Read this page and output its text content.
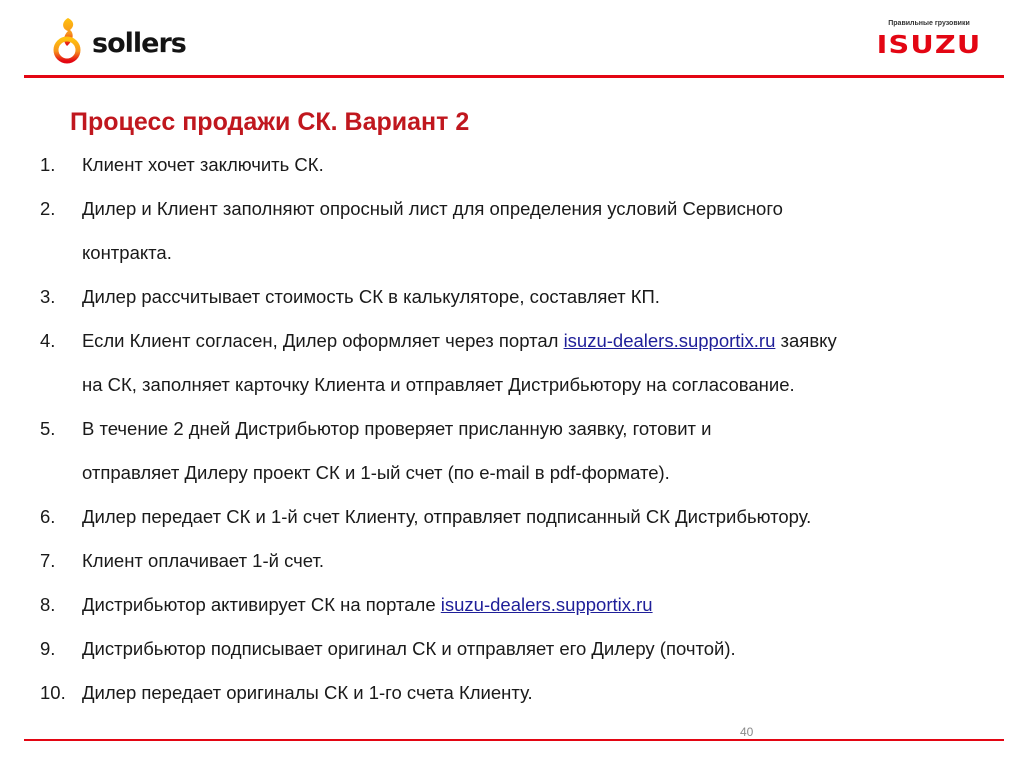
sollers
Правильные грузовики
ISUZU
Процесс продажи СК. Вариант 2
1.	Клиент хочет заключить СК.
2.	Дилер и Клиент заполняют опросный лист для определения условий Сервисного
контракта.
3.	Дилер рассчитывает стоимость СК в калькуляторе, составляет КП.
4.	Если Клиент согласен, Дилер оформляет через портал isuzu-dealers.supportix.ru заявку
на СК, заполняет карточку Клиента и отправляет Дистрибьютору на согласование.
5.	В течение 2 дней Дистрибьютор проверяет присланную заявку, готовит и
отправляет Дилеру проект СК и 1-ый счет (по e-mail в pdf-формате).
6.	Дилер передает СК и 1-й счет Клиенту, отправляет подписанный СК Дистрибьютору.
7.	Клиент оплачивает 1-й счет.
8.	Дистрибьютор активирует СК на портале isuzu-dealers.supportix.ru
9.	Дистрибьютор подписывает оригинал СК и отправляет его Дилеру (почтой).
10. Дилер передает оригиналы СК и 1-го счета Клиенту.
40
